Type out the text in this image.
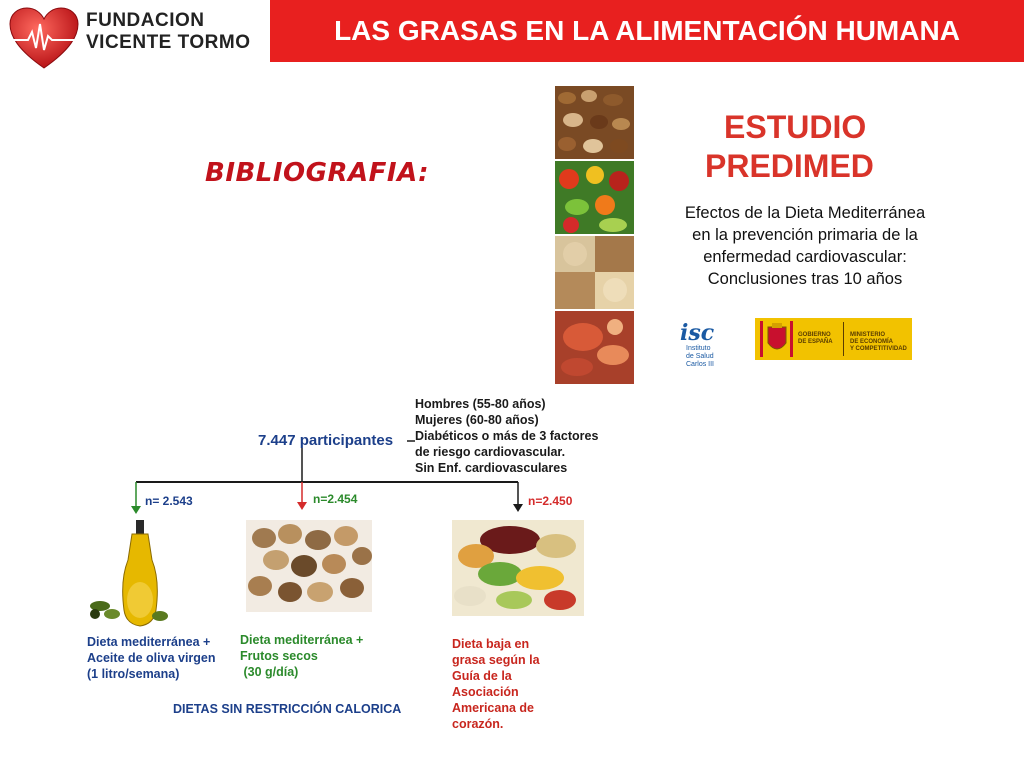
FUNDACION
VICENTE TORMO	LAS GRASAS EN LA ALIMENTACIÓN HUMANA
BIBLIOGRAFIA:
ESTUDIO
PREDIMED
Efectos de la Dieta Mediterránea
en la prevención primaria de la
enfermedad cardiovascular:
Conclusiones tras 10 años
isc
Instituto
de Salud
Carlos III
GOBIERNO
DE ESPAÑA
MINISTERIO
DE ECONOMÍA
Y COMPETITIVIDAD
Hombres (55-80 años)
Mujeres (60-80 años)
Diabéticos o más de 3 factores
de riesgo cardiovascular.
Sin Enf. cardiovasculares
7.447 participantes
n= 2.543	n=2.454	n=2.450
Dieta mediterránea +
Aceite de oliva virgen
(1 litro/semana)
Dieta mediterránea +
Frutos secos
(30 g/día)
Dieta baja en
grasa según la
Guía de la
Asociación
Americana de
corazón.
DIETAS SIN RESTRICCIÓN CALORICA
